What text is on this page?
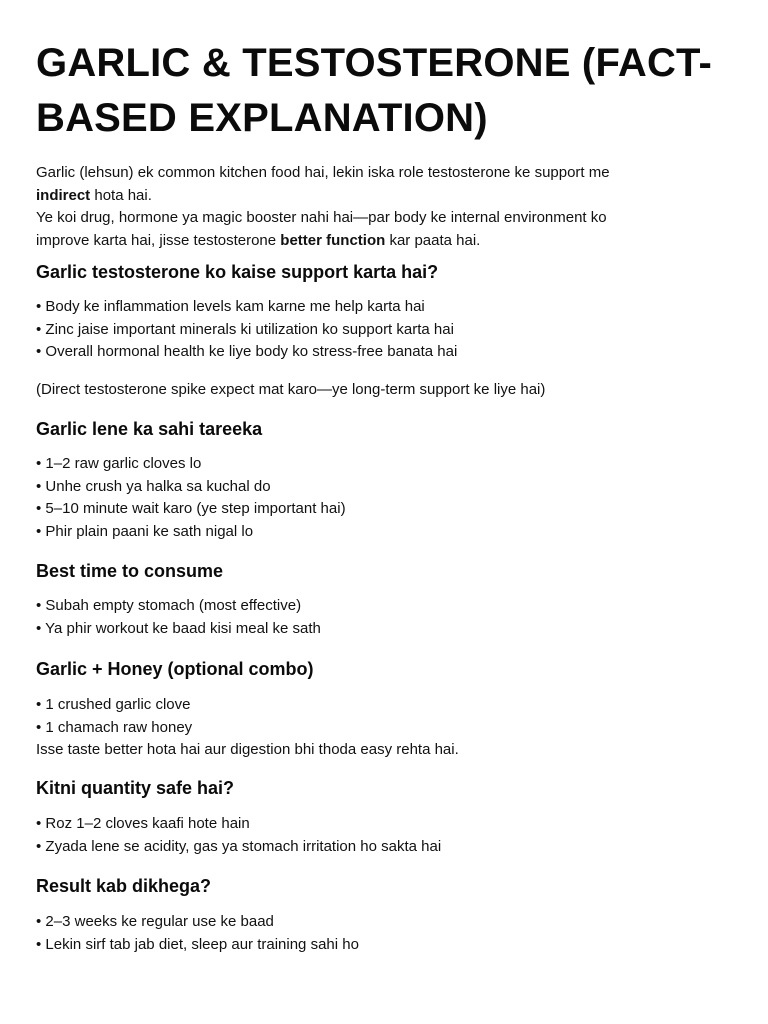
GARLIC & TESTOSTERONE (FACT-
BASED EXPLANATION)
Garlic (lehsun) ek common kitchen food hai, lekin iska role testosterone ke support me
indirect hota hai.
Ye koi drug, hormone ya magic booster nahi hai—par body ke internal environment ko
improve karta hai, jisse testosterone better function kar paata hai.
Garlic testosterone ko kaise support karta hai?
• Body ke inflammation levels kam karne me help karta hai
• Zinc jaise important minerals ki utilization ko support karta hai
• Overall hormonal health ke liye body ko stress-free banata hai
(Direct testosterone spike expect mat karo—ye long-term support ke liye hai)
Garlic lene ka sahi tareeka
• 1–2 raw garlic cloves lo
• Unhe crush ya halka sa kuchal do
• 5–10 minute wait karo (ye step important hai)
• Phir plain paani ke sath nigal lo
Best time to consume
• Subah empty stomach (most effective)
• Ya phir workout ke baad kisi meal ke sath
Garlic + Honey (optional combo)
• 1 crushed garlic clove
• 1 chamach raw honey
Isse taste better hota hai aur digestion bhi thoda easy rehta hai.
Kitni quantity safe hai?
• Roz 1–2 cloves kaafi hote hain
• Zyada lene se acidity, gas ya stomach irritation ho sakta hai
Result kab dikhega?
• 2–3 weeks ke regular use ke baad
• Lekin sirf tab jab diet, sleep aur training sahi ho
